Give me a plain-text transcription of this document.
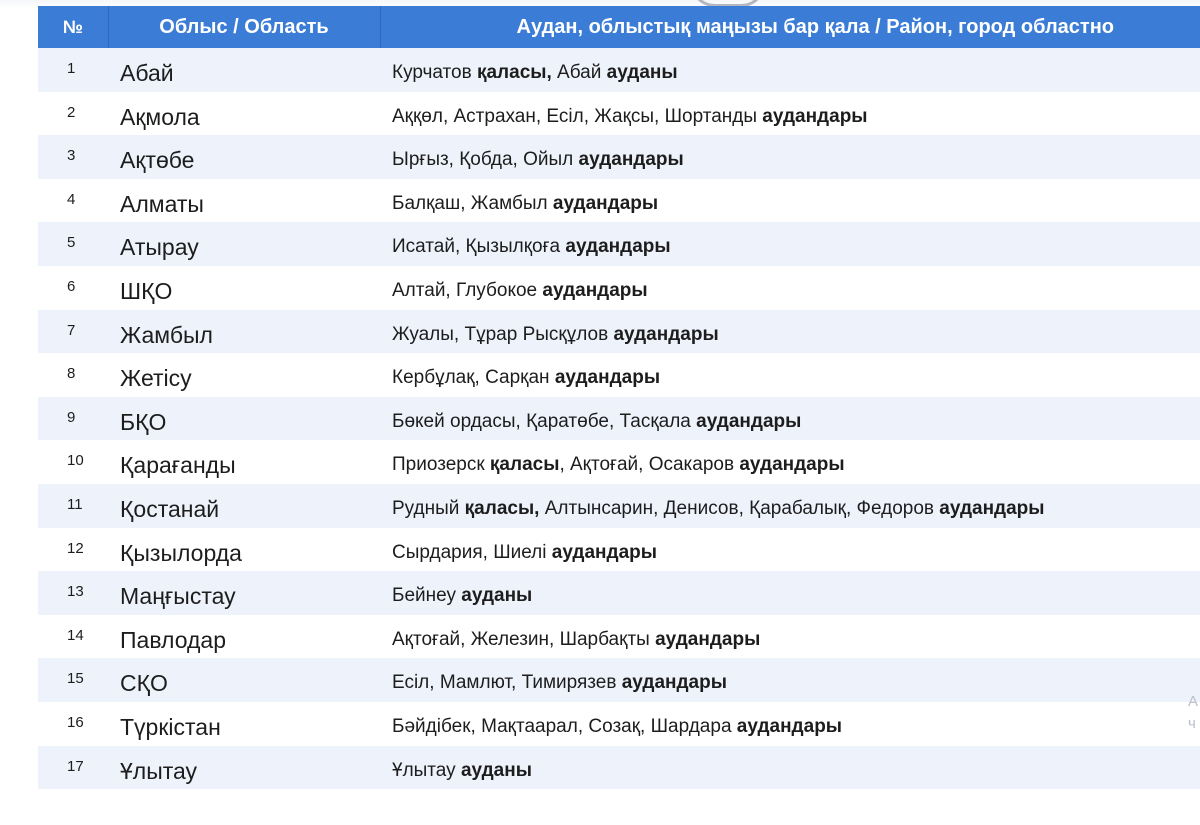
№	Облыс / Область	Аудан, облыстық маңызы бар қала / Район, город областно
1	Абай	Курчатов қаласы, Абай ауданы
2	Ақмола	Аққөл, Астрахан, Есіл, Жақсы, Шортанды аудандары
3	Ақтөбе	Ырғыз, Қобда, Ойыл аудандары
4	Алматы	Балқаш, Жамбыл аудандары
5	Атырау	Исатай, Қызылқоға аудандары
6	ШҚО	Алтай, Глубокое аудандары
7	Жамбыл	Жуалы, Тұрар Рысқұлов аудандары
8	Жетісу	Кербұлақ, Сарқан аудандары
9	БҚО	Бөкей ордасы, Қаратөбе, Тасқала аудандары
10	Қарағанды	Приозерск қаласы, Ақтоғай, Осакаров аудандары
11	Қостанай	Рудный қаласы, Алтынсарин, Денисов, Қарабалық, Федоров аудандары
12	Қызылорда	Сырдария, Шиелі аудандары
13	Маңғыстау	Бейнеу ауданы
14	Павлодар	Ақтоғай, Железин, Шарбақты аудандары
15	СҚО	Есіл, Мамлют, Тимирязев аудандары
16	Түркістан	Бәйдібек, Мақтаарал, Созақ, Шардара аудандары
17	Ұлытау	Ұлытау ауданы
А
ч
